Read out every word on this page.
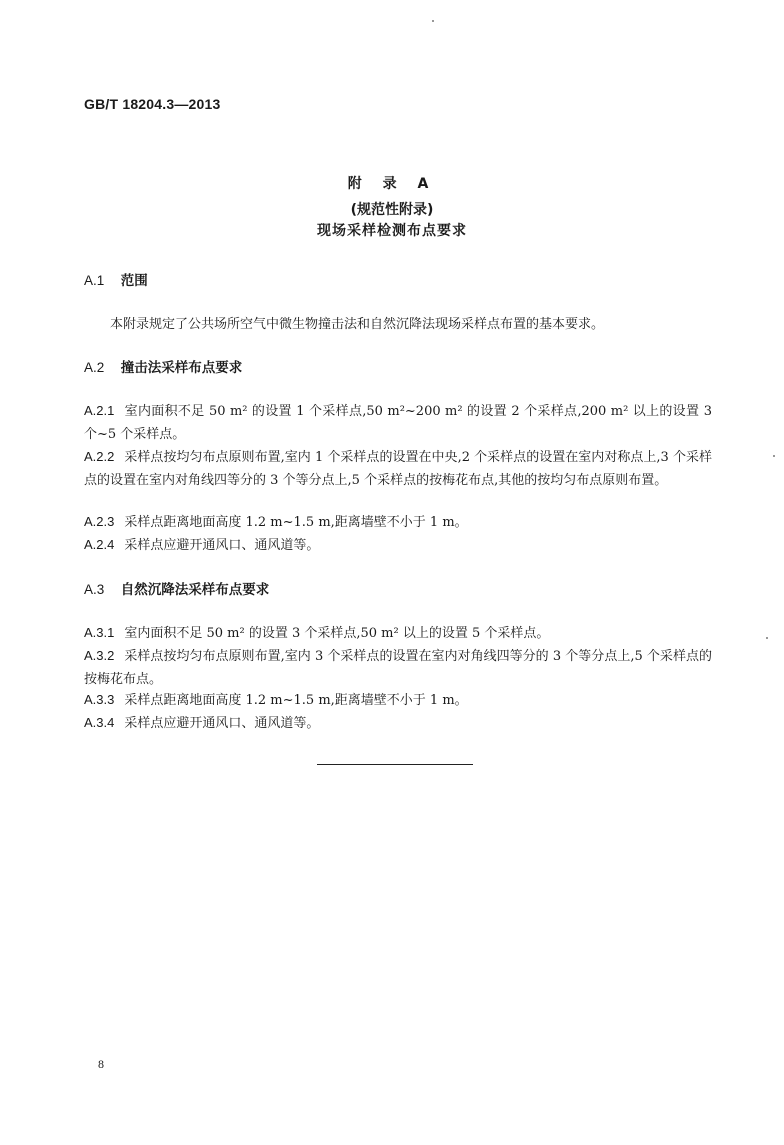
GB/T 18204.3—2013
附 录 A
(规范性附录)
现场采样检测布点要求
A.1 范围
本附录规定了公共场所空气中微生物撞击法和自然沉降法现场采样点布置的基本要求。
A.2 撞击法采样布点要求
A.2.1 室内面积不足 50 m² 的设置 1 个采样点,50 m²~200 m² 的设置 2 个采样点,200 m² 以上的设置 3 个~5 个采样点。
A.2.2 采样点按均匀布点原则布置,室内 1 个采样点的设置在中央,2 个采样点的设置在室内对称点上,3 个采样点的设置在室内对角线四等分的 3 个等分点上,5 个采样点的按梅花布点,其他的按均匀布点原则布置。
A.2.3 采样点距离地面高度 1.2 m~1.5 m,距离墙壁不小于 1 m。
A.2.4 采样点应避开通风口、通风道等。
A.3 自然沉降法采样布点要求
A.3.1 室内面积不足 50 m² 的设置 3 个采样点,50 m² 以上的设置 5 个采样点。
A.3.2 采样点按均匀布点原则布置,室内 3 个采样点的设置在室内对角线四等分的 3 个等分点上,5 个采样点的按梅花布点。
A.3.3 采样点距离地面高度 1.2 m~1.5 m,距离墙壁不小于 1 m。
A.3.4 采样点应避开通风口、通风道等。
8
